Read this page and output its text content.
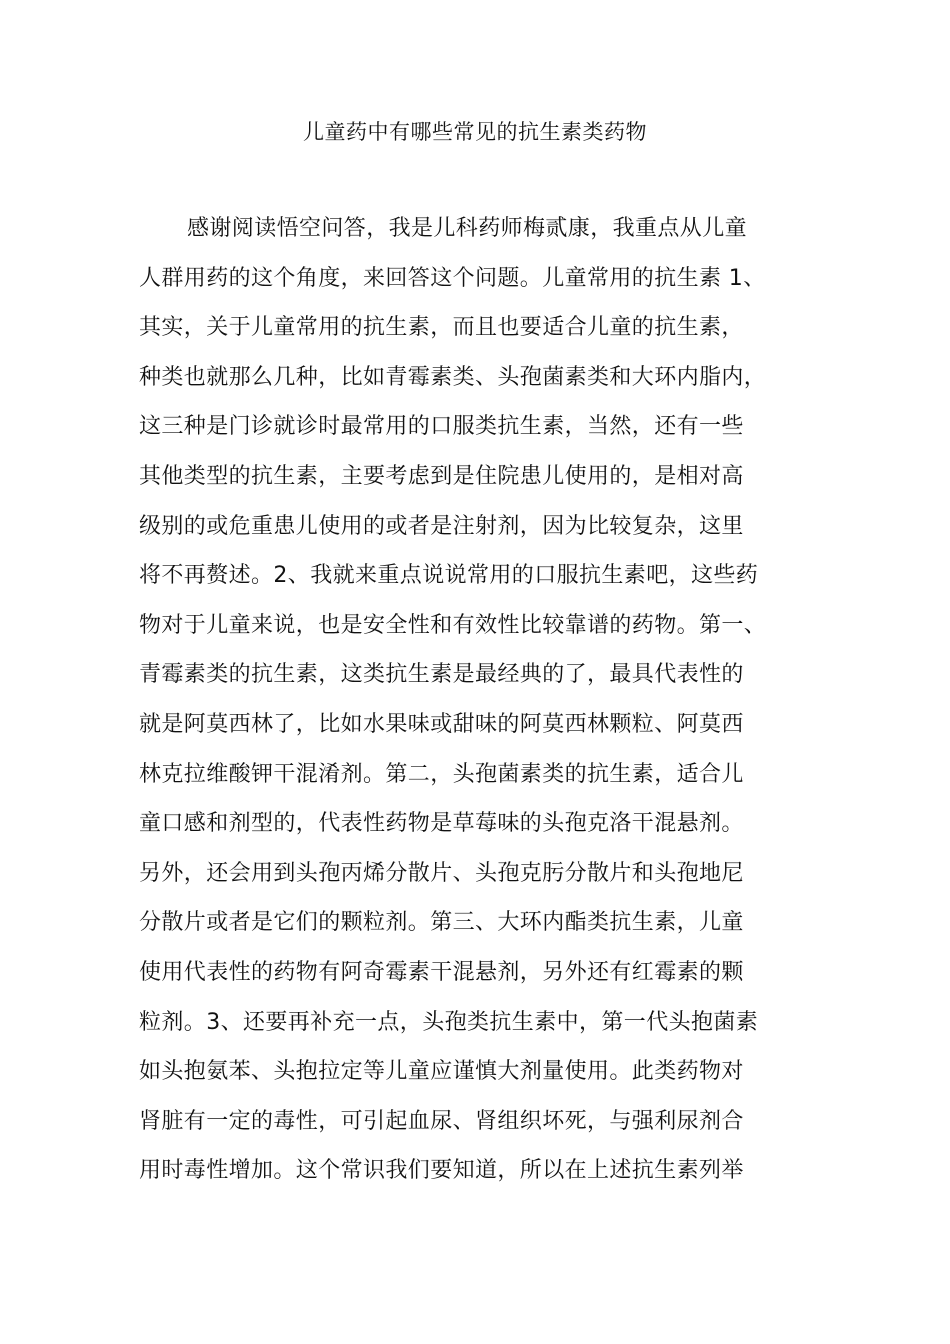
儿童药中有哪些常见的抗生素类药物
感谢阅读悟空问答，我是儿科药师梅贰康，我重点从儿童
人群用药的这个角度，来回答这个问题。儿童常用的抗生素 1、
其实，关于儿童常用的抗生素，而且也要适合儿童的抗生素，
种类也就那么几种，比如青霉素类、头孢菌素类和大环内脂内，
这三种是门诊就诊时最常用的口服类抗生素，当然，还有一些
其他类型的抗生素，主要考虑到是住院患儿使用的，是相对高
级别的或危重患儿使用的或者是注射剂，因为比较复杂，这里
将不再赘述。2、我就来重点说说常用的口服抗生素吧，这些药
物对于儿童来说，也是安全性和有效性比较靠谱的药物。第一、
青霉素类的抗生素，这类抗生素是最经典的了，最具代表性的
就是阿莫西林了，比如水果味或甜味的阿莫西林颗粒、阿莫西
林克拉维酸钾干混淆剂。第二，头孢菌素类的抗生素，适合儿
童口感和剂型的，代表性药物是草莓味的头孢克洛干混悬剂。
另外，还会用到头孢丙烯分散片、头孢克肟分散片和头孢地尼
分散片或者是它们的颗粒剂。第三、大环内酯类抗生素，儿童
使用代表性的药物有阿奇霉素干混悬剂，另外还有红霉素的颗
粒剂。3、还要再补充一点，头孢类抗生素中，第一代头抱菌素
如头抱氨苯、头抱拉定等儿童应谨慎大剂量使用。此类药物对
肾脏有一定的毒性，可引起血尿、肾组织坏死，与强利尿剂合
用时毒性增加。这个常识我们要知道，所以在上述抗生素列举
